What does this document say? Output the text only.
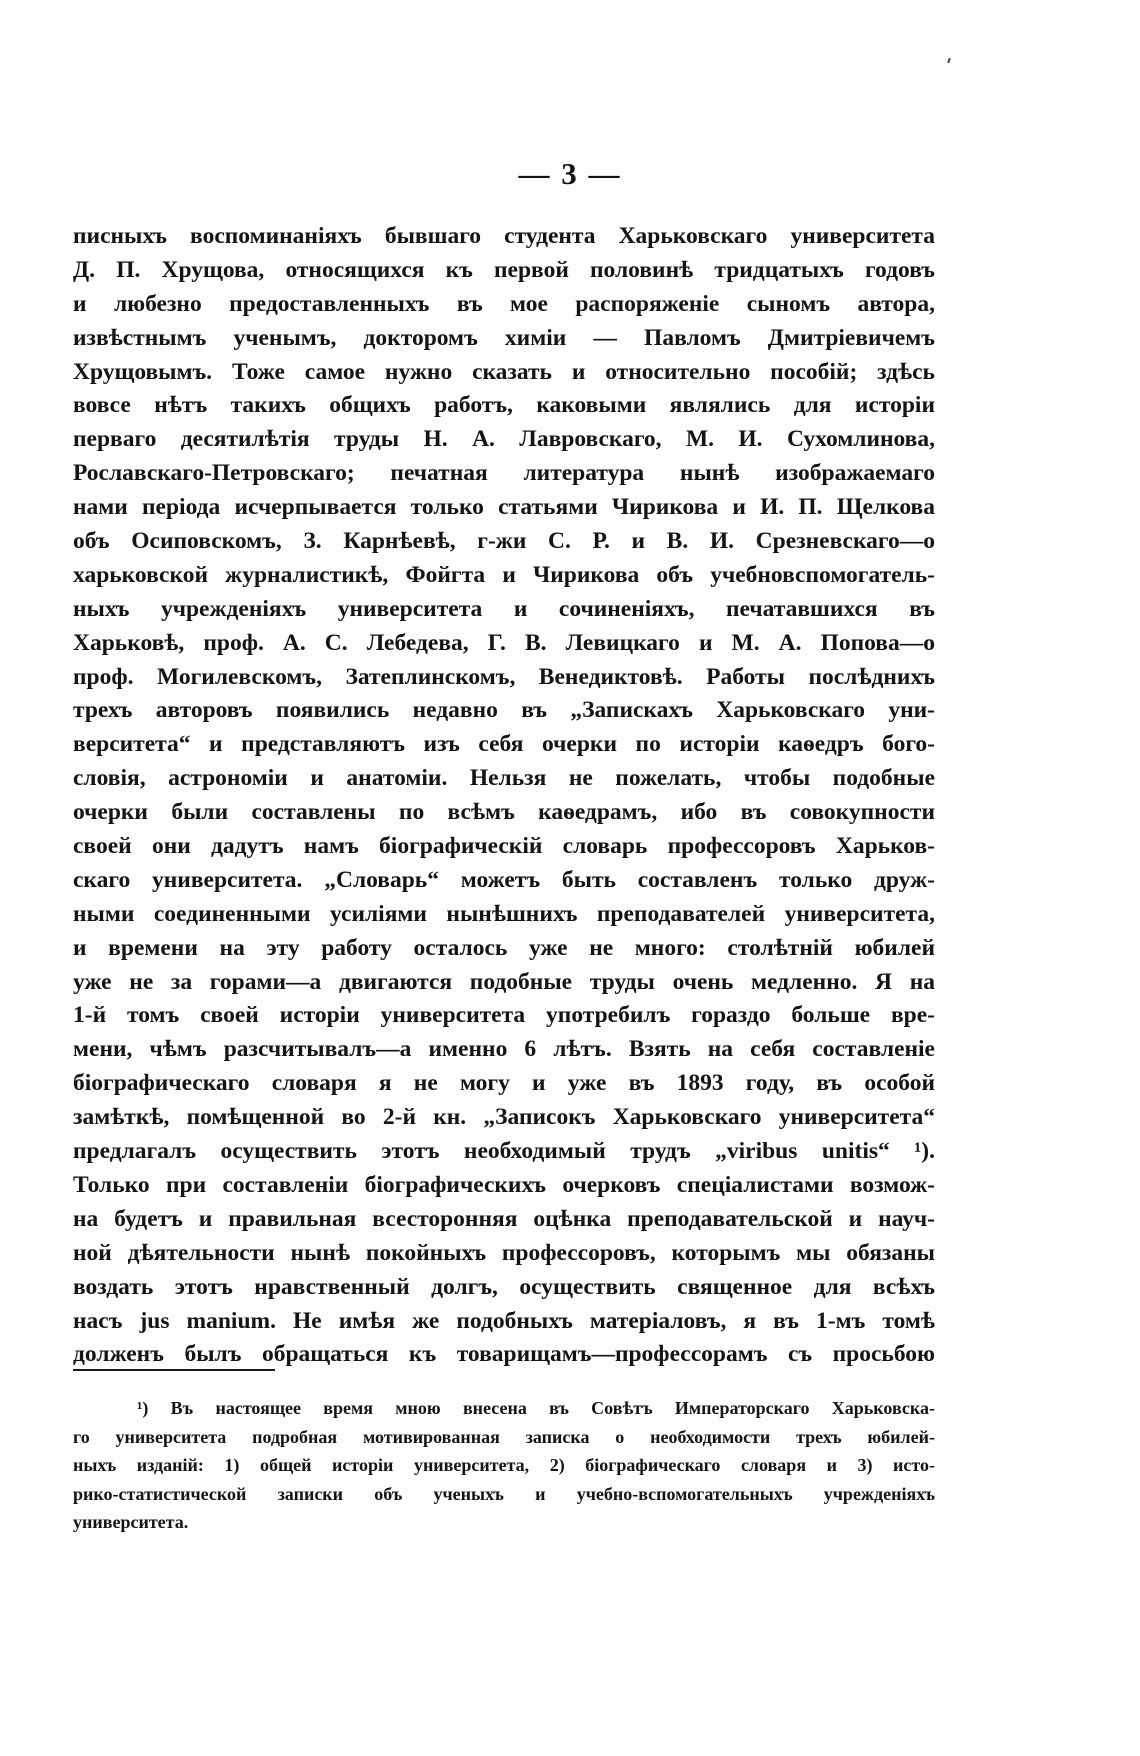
— 3 —
писныхъ воспоминаніяхъ бывшаго студента Харьковскаго университета
Д. П. Хрущова, относящихся къ первой половинѣ тридцатыхъ годовъ
и любезно предоставленныхъ въ мое распоряженіе сыномъ автора,
извѣстнымъ ученымъ, докторомъ химіи — Павломъ Дмитріевичемъ
Хрущовымъ. Тоже самое нужно сказать и относительно пособій; здѣсь
вовсе нѣтъ такихъ общихъ работъ, каковыми являлись для исторіи
перваго десятилѣтія труды Н. А. Лавровскаго, М. И. Сухомлинова,
Рославскаго-Петровскаго; печатная литература нынѣ изображаемаго
нами періода исчерпывается только статьями Чирикова и И. П. Щелкова
объ Осиповскомъ, З. Карнѣевѣ, г-жи С. Р. и В. И. Срезневскаго—о
харьковской журналистикѣ, Фойгта и Чирикова объ учебновспомогатель-
ныхъ учрежденіяхъ университета и сочиненіяхъ, печатавшихся въ
Харьковѣ, проф. А. С. Лебедева, Г. В. Левицкаго и М. А. Попова—о
проф. Могилевскомъ, Затеплинскомъ, Венедиктовѣ. Работы послѣднихъ
трехъ авторовъ появились недавно въ „Запискахъ Харьковскаго уни-
верситета“ и представляютъ изъ себя очерки по исторіи каѳедръ бого-
словія, астрономіи и анатоміи. Нельзя не пожелать, чтобы подобные
очерки были составлены по всѣмъ каѳедрамъ, ибо въ совокупности
своей они дадутъ намъ біографическій словарь профессоровъ Харьков-
скаго университета. „Словарь“ можетъ быть составленъ только друж-
ными соединенными усиліями нынѣшнихъ преподавателей университета,
и времени на эту работу осталось уже не много: столѣтній юбилей
уже не за горами—а двигаются подобные труды очень медленно. Я на
1-й томъ своей исторіи университета употребилъ гораздо больше вре-
мени, чѣмъ разсчитывалъ—а именно 6 лѣтъ. Взять на себя составленіе
біографическаго словаря я не могу и уже въ 1893 году, въ особой
замѣткѣ, помѣщенной во 2-й кн. „Записокъ Харьковскаго университета“
предлагалъ осуществить этотъ необходимый трудъ „viribus unitis“ ¹).
Только при составленіи біографическихъ очерковъ спеціалистами возмож-
на будетъ и правильная всесторонняя оцѣнка преподавательской и науч-
ной дѣятельности нынѣ покойныхъ профессоровъ, которымъ мы обязаны
воздать этотъ нравственный долгъ, осуществить священное для всѣхъ
насъ jus manium. Не имѣя же подобныхъ матеріаловъ, я въ 1-мъ томѣ
долженъ былъ обращаться къ товарищамъ—профессорамъ съ просьбою
¹) Въ настоящее время мною внесена въ Совѣтъ Императорскаго Харьковска-
го университета подробная мотивированная записка о необходимости трехъ юбилей-
ныхъ изданій: 1) общей исторіи университета, 2) біографическаго словаря и 3) исто-
рико-статистической записки объ ученыхъ и учебно-вспомогательныхъ учрежденіяхъ
университета.
